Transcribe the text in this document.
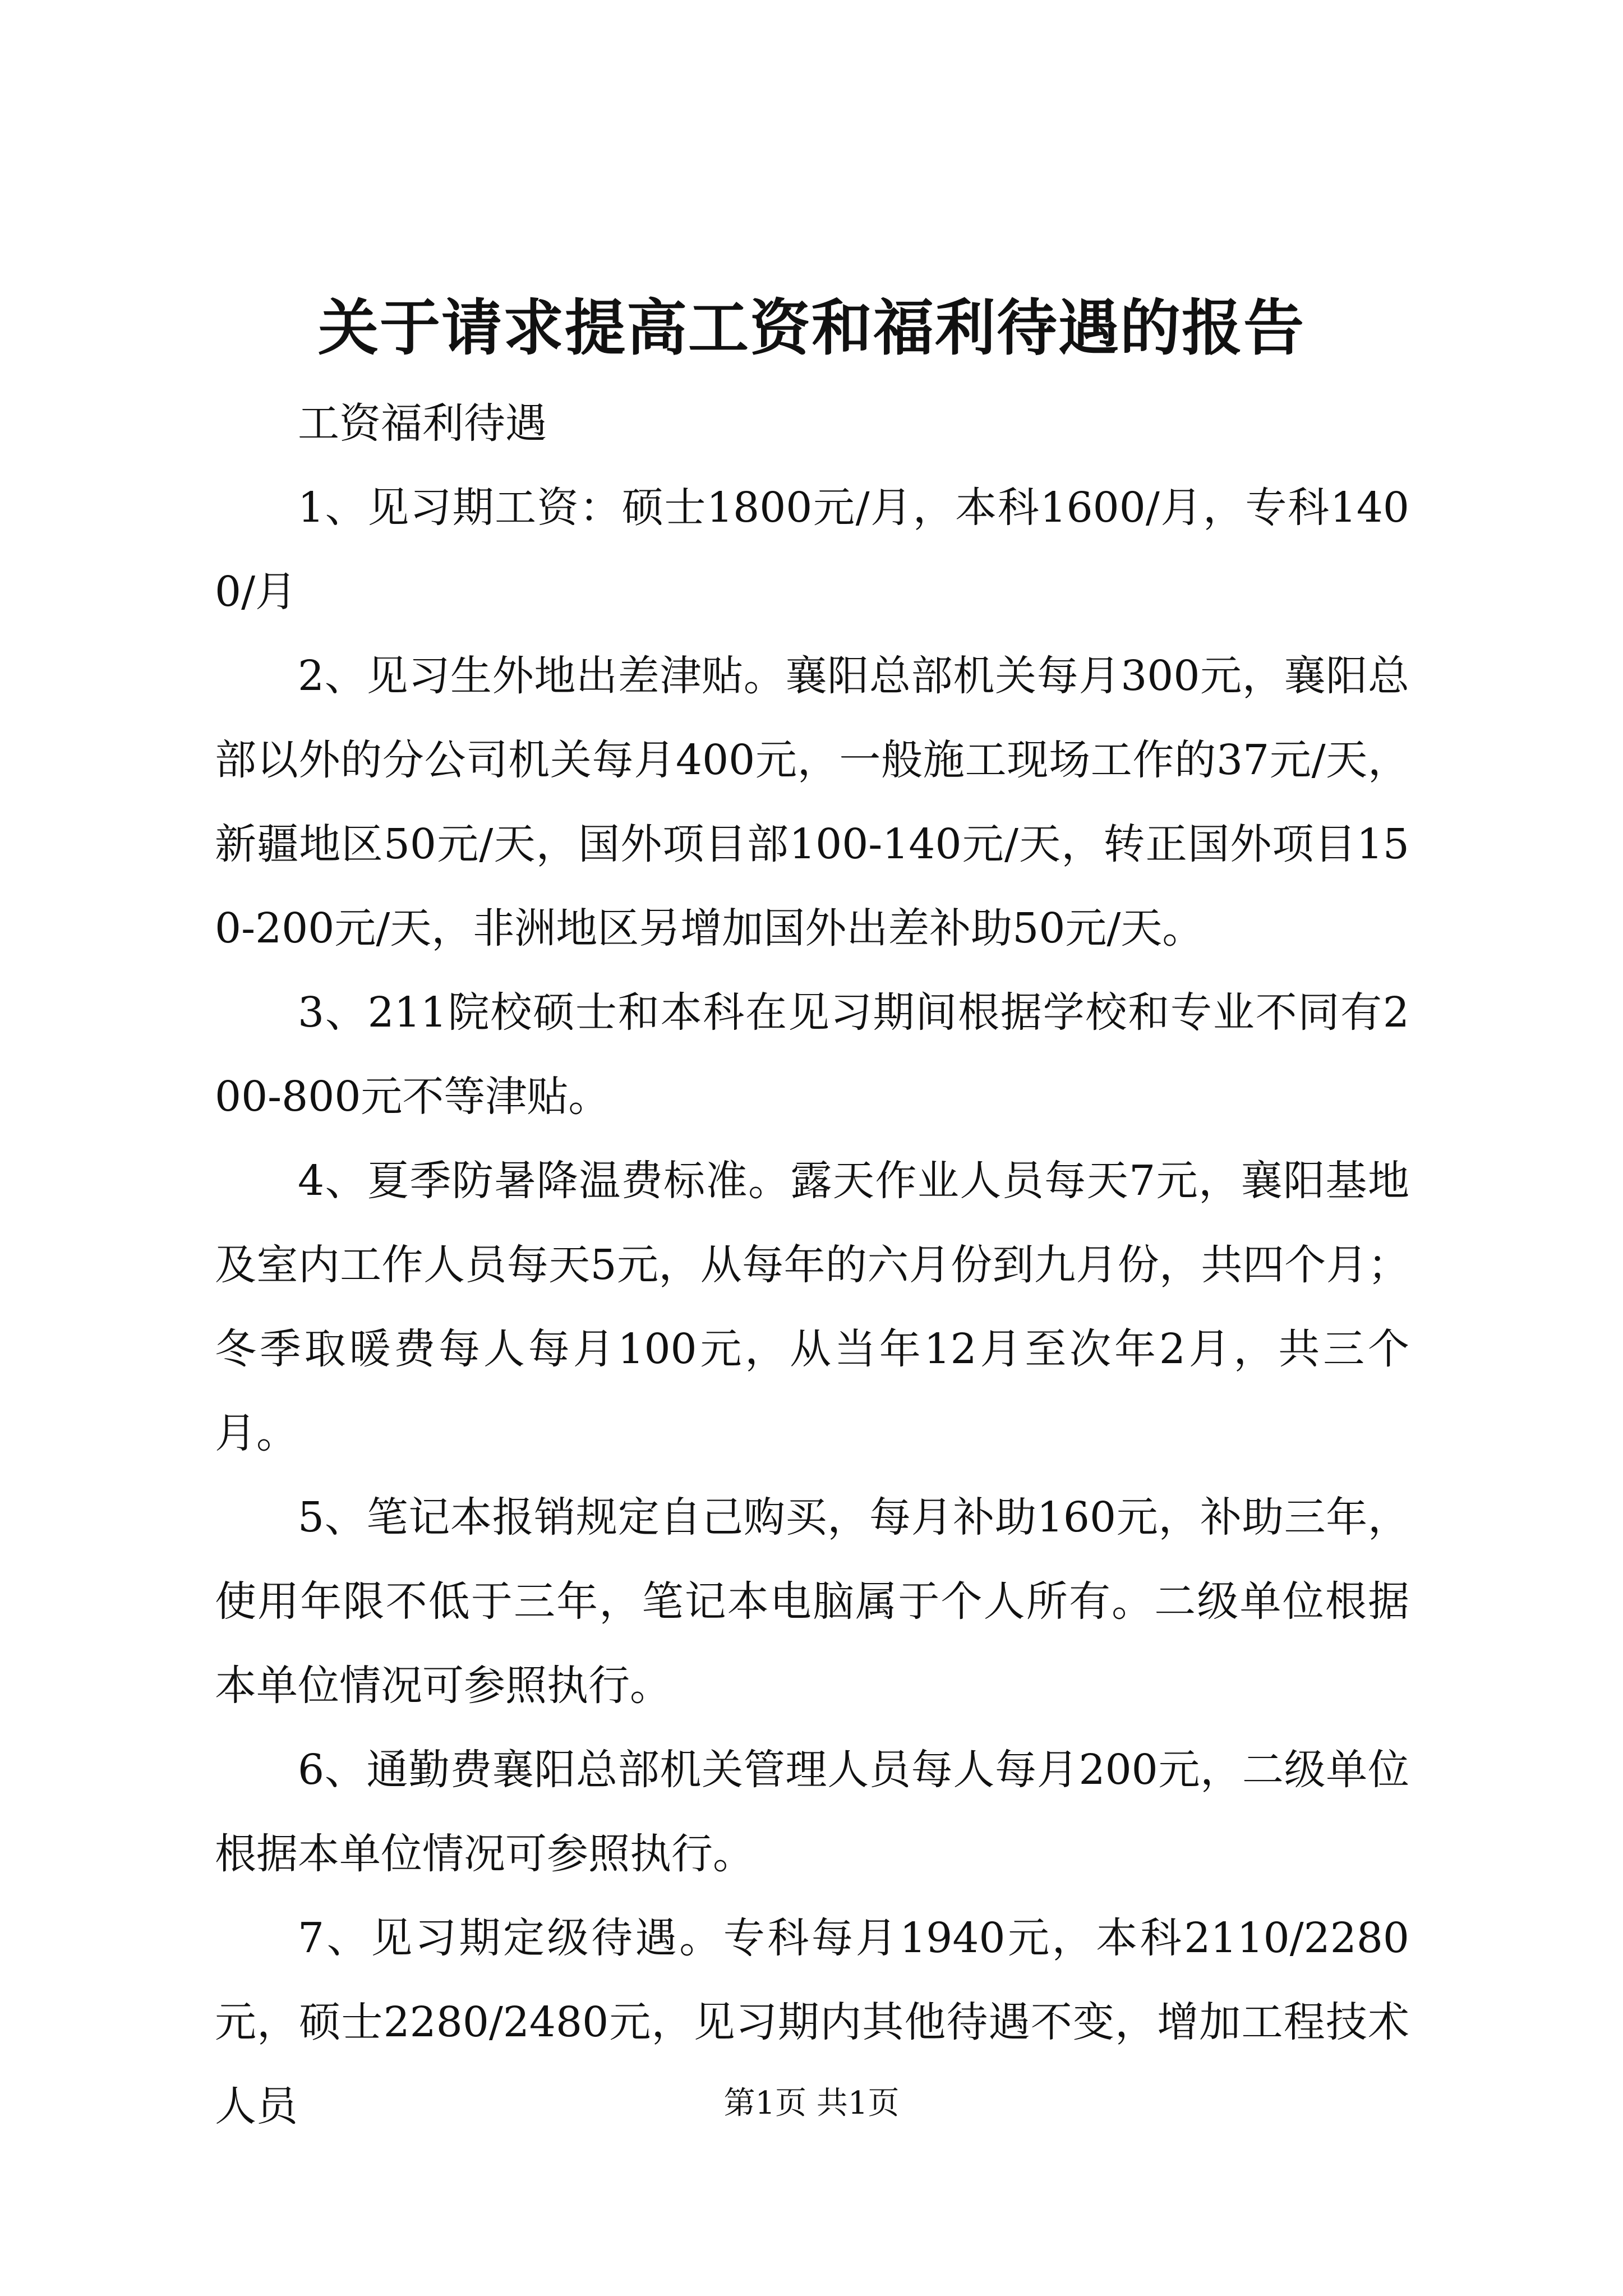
关于请求提高工资和福利待遇的报告

工资福利待遇

1、见习期工资：硕士1800元/月，本科1600/月，专科1400/月

2、见习生外地出差津贴。襄阳总部机关每月300元，襄阳总部以外的分公司机关每月400元，一般施工现场工作的37元/天，新疆地区50元/天，国外项目部100-140元/天，转正国外项目150-200元/天，非洲地区另增加国外出差补助50元/天。

3、211院校硕士和本科在见习期间根据学校和专业不同有200-800元不等津贴。

4、夏季防暑降温费标准。露天作业人员每天7元，襄阳基地及室内工作人员每天5元，从每年的六月份到九月份，共四个月；冬季取暖费每人每月100元，从当年12月至次年2月，共三个月。

5、笔记本报销规定自己购买，每月补助160元，补助三年，使用年限不低于三年，笔记本电脑属于个人所有。二级单位根据本单位情况可参照执行。

6、通勤费襄阳总部机关管理人员每人每月200元，二级单位根据本单位情况可参照执行。

7、见习期定级待遇。专科每月1940元，本科2110/2280元，硕士2280/2480元，见习期内其他待遇不变，增加工程技术人员	第1页 共1页
